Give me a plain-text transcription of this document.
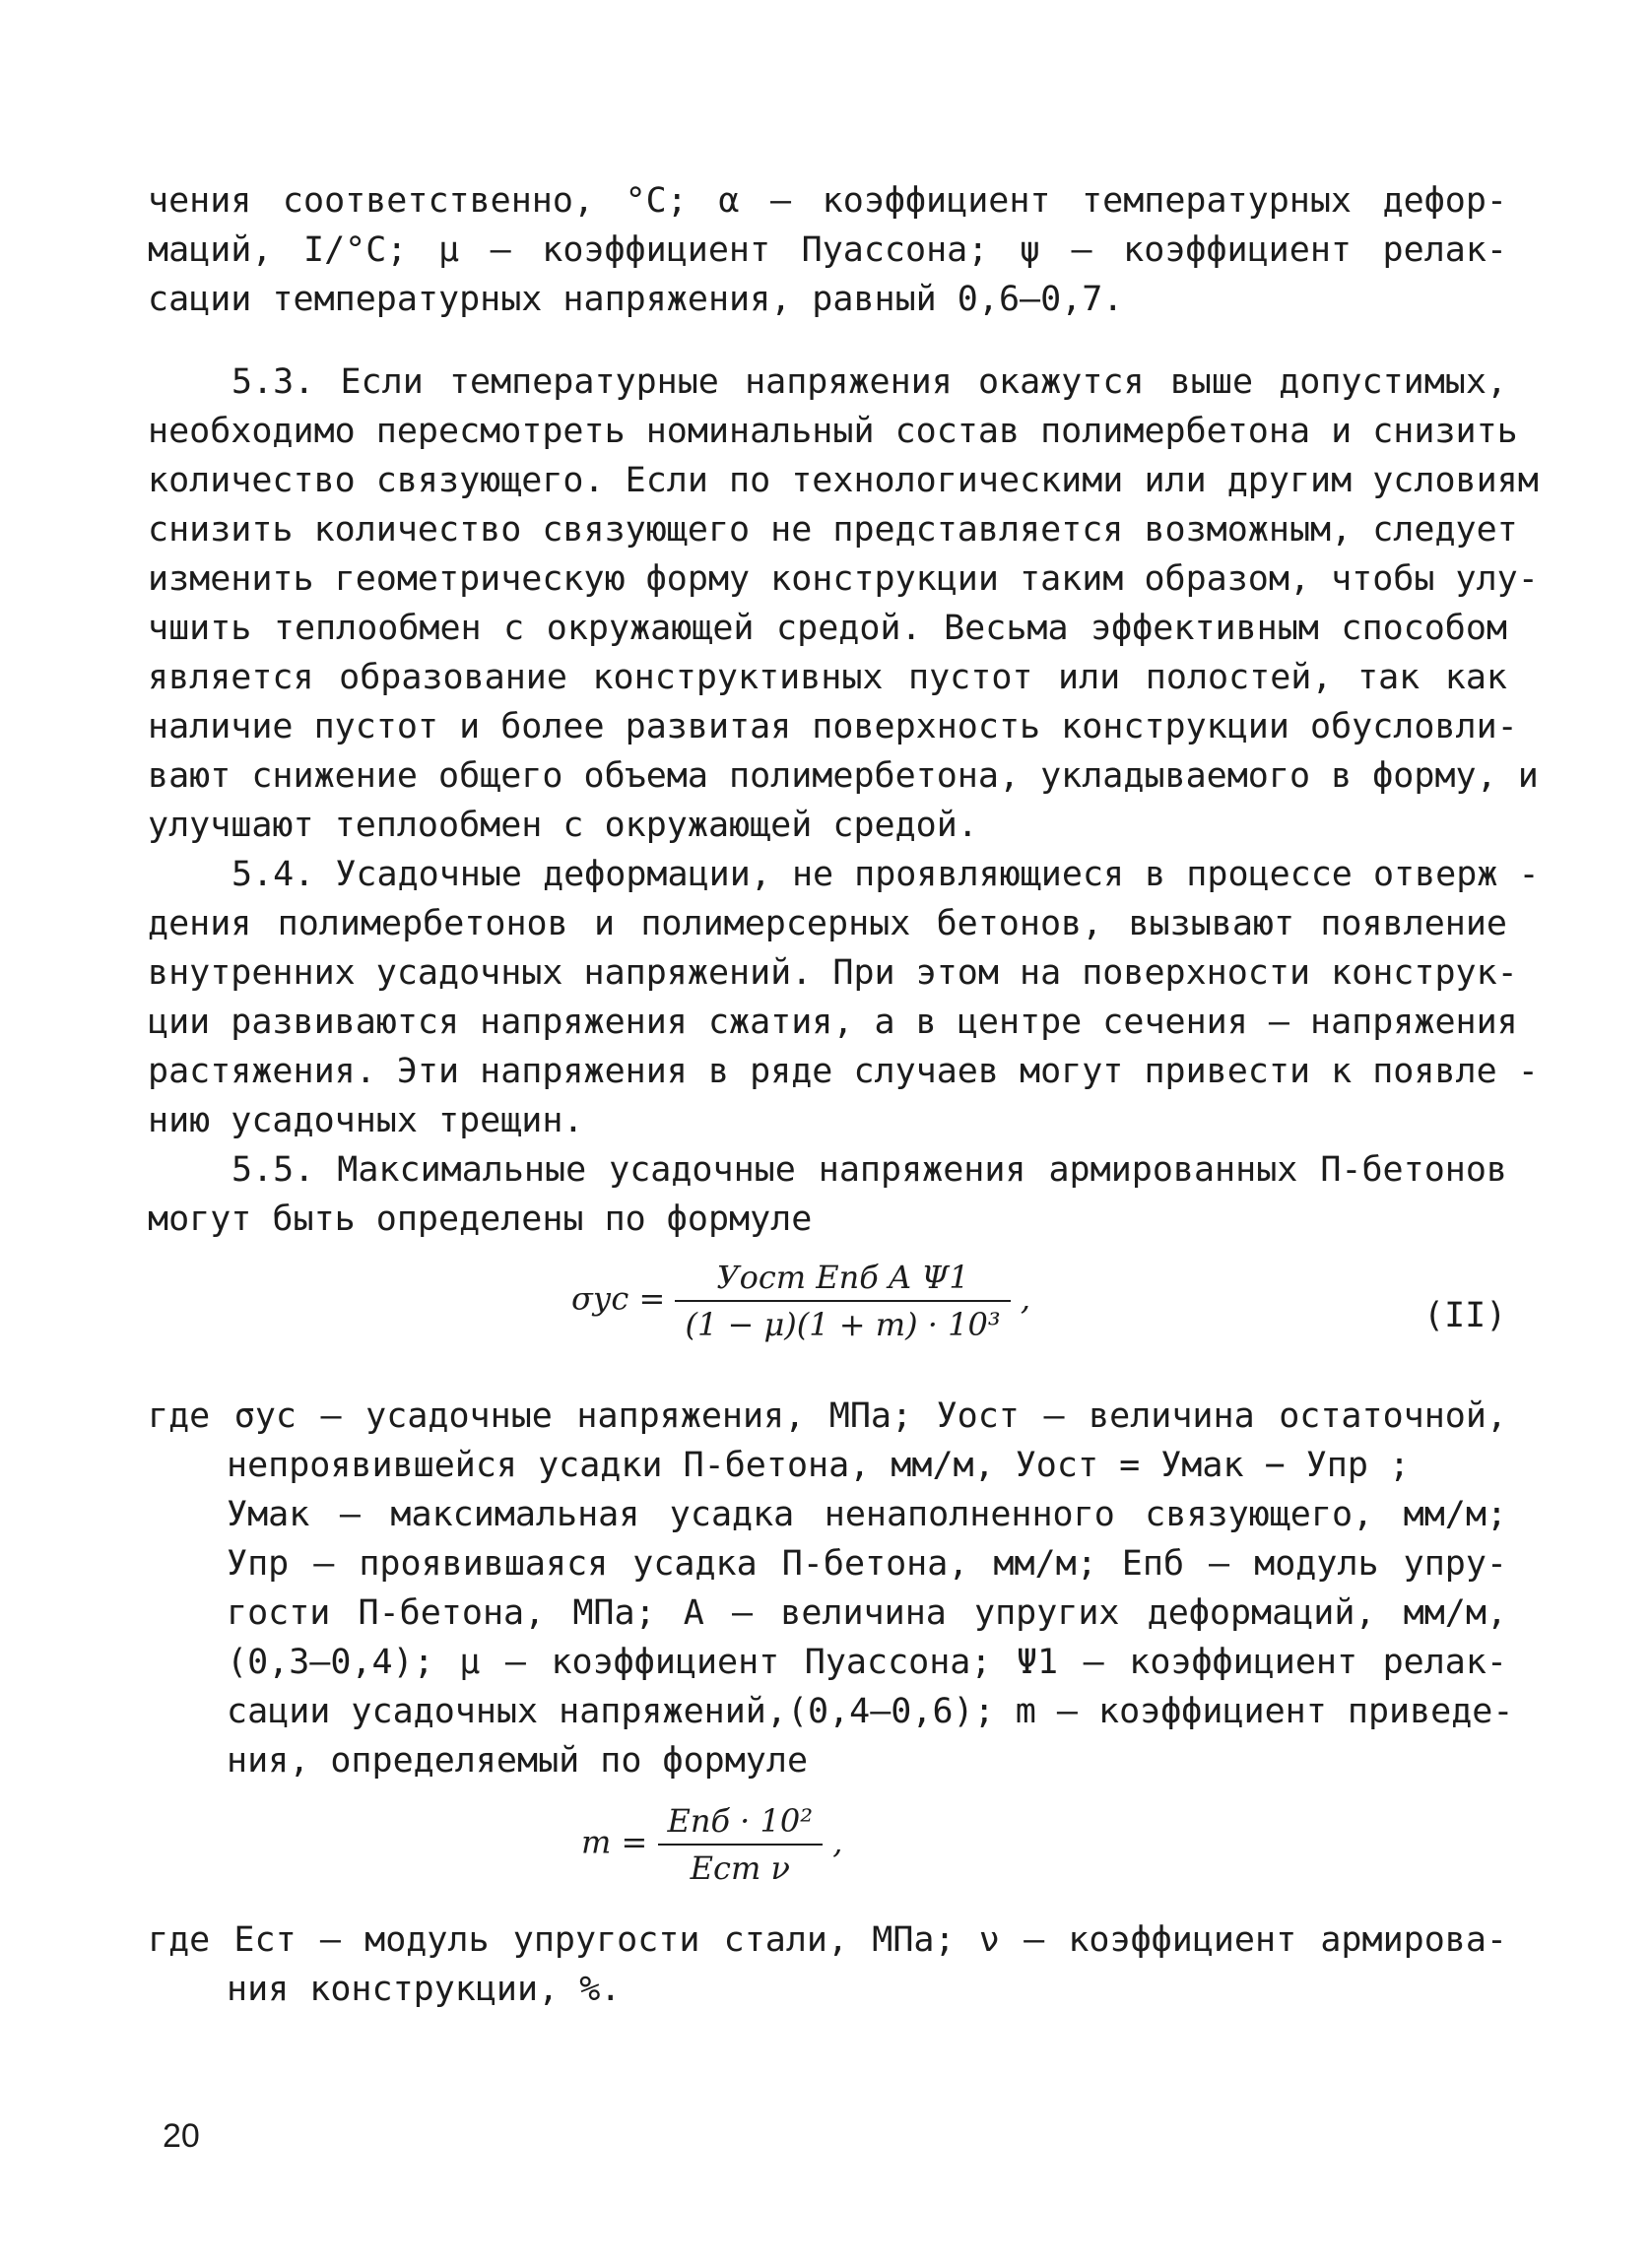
чения соответственно, °С; α – коэффициент температурных дефор-
маций, I/°С; μ – коэффициент Пуассона; ψ – коэффициент релак-
сации температурных напряжения, равный 0,6–0,7.
5.3. Если температурные напряжения окажутся выше допустимых,
необходимо пересмотреть номинальный состав полимербетона и снизить
количество связующего. Если по технологическими или другим условиям
снизить количество связующего не представляется возможным, следует
изменить геометрическую форму конструкции таким образом, чтобы улу-
чшить теплообмен с окружающей средой. Весьма эффективным способом
является образование конструктивных пустот или полостей, так как
наличие пустот и более развитая поверхность конструкции обусловли-
вают снижение общего объема полимербетона, укладываемого в форму, и
улучшают теплообмен с окружающей средой.
5.4. Усадочные деформации, не проявляющиеся в процессе отверж -
дения полимербетонов и полимерсерных бетонов, вызывают появление
внутренних усадочных напряжений. При этом на поверхности конструк-
ции развиваются напряжения сжатия, а в центре сечения – напряжения
растяжения. Эти напряжения в ряде случаев могут привести к появле -
нию усадочных трещин.
5.5. Максимальные усадочные напряжения армированных П-бетонов
могут быть определены по формуле
$\sigma ус = \frac{\text{Уост Eпб A Ψ1}}{\text{(1 − μ)(1 + m) · 10³}}$ ,	(II)
где σус – усадочные напряжения, МПа; Уост – величина остаточной,
непроявившейся усадки П-бетона, мм/м, Уост = Умак − Упр ;
Умак – максимальная усадка ненаполненного связующего, мм/м;
Упр – проявившаяся усадка П-бетона, мм/м; Eпб – модуль упру-
гости П-бетона, МПа; A – величина упругих деформаций, мм/м,
(0,3–0,4); μ – коэффициент Пуассона; Ψ1 – коэффициент релак-
сации усадочных напряжений,(0,4–0,6); m – коэффициент приведе-
ния, определяемый по формуле
$m = \frac{\text{Eпб · 10²}}{\text{Eст ν}}$ ,
где Eст – модуль упругости стали, МПа; ν – коэффициент армирова-
ния конструкции, %.
20
